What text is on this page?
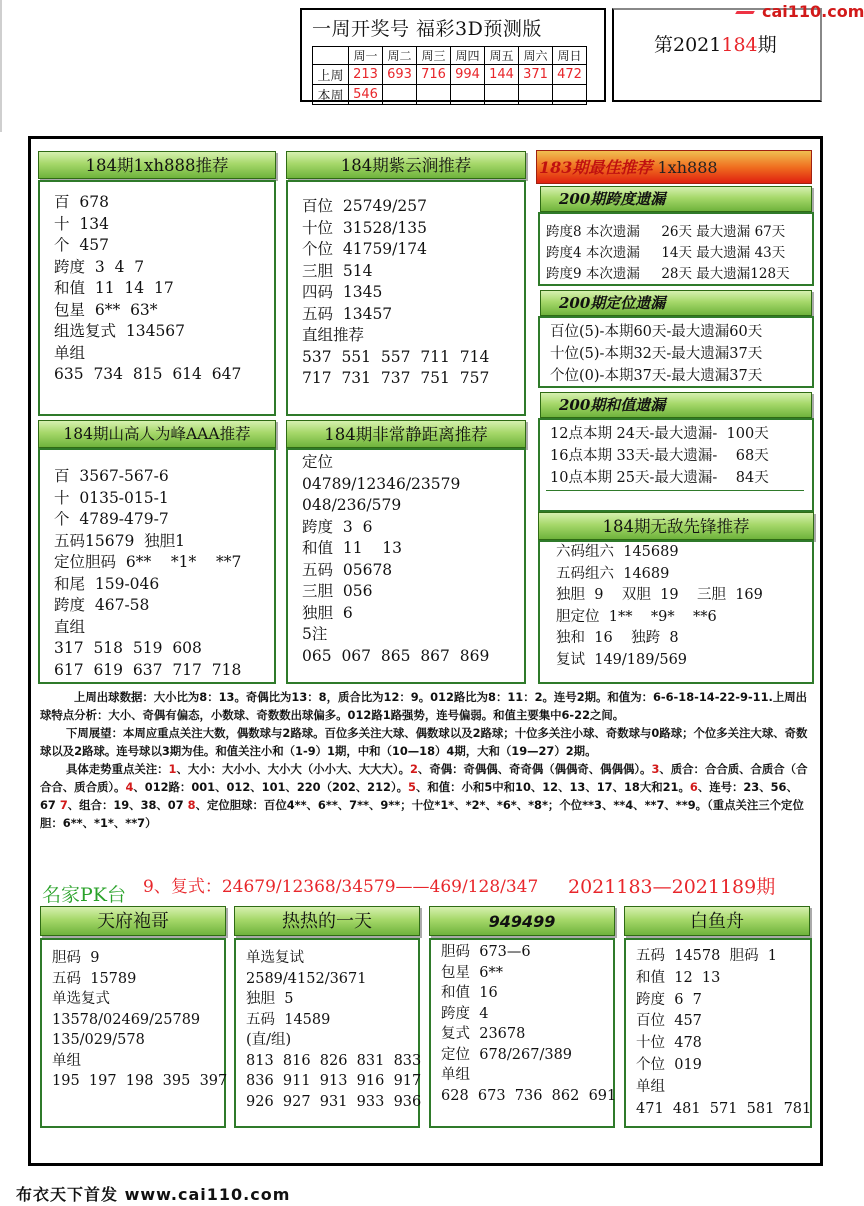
一周开奖号 福彩3D预测版
	周一	周二	周三	周四	周五	周六	周日
上周	213	693	716	994	144	371	472
本周	546						
第2021184期
cai110.com
184期1xh888推荐
百  678
十  134
个  457
跨度  3  4  7
和值  11  14  17
包星  6**  63*
组选复式  134567
单组
635  734  815  614  647
184期紫云涧推荐
百位  25749/257
十位  31528/135
个位  41759/174
三胆  514
四码  1345
五码  13457
直组推荐
537  551  557  711  714
717  731  737  751  757
184期山高人为峰AAA推荐
百  3567-567-6
十  0135-015-1
个  4789-479-7
五码15679  独胆1
定位胆码  6**    *1*    **7
和尾  159-046
跨度  467-58
直组
317  518  519  608
617  619  637  717  718
184期非常静距离推荐
定位
04789/12346/23579
048/236/579
跨度  3  6
和值  11    13
五码  05678
三胆  056
独胆  6
5注
065  067  865  867  869
183期最佳推荐 1xh888
200期跨度遗漏
跨度8 本次遗漏     26天 最大遗漏 67天
跨度4 本次遗漏     14天 最大遗漏 43天
跨度9 本次遗漏     28天 最大遗漏128天
200期定位遗漏
百位(5)-本期60天-最大遗漏60天
十位(5)-本期32天-最大遗漏37天
个位(0)-本期37天-最大遗漏37天
200期和值遗漏
12点本期 24天-最大遗漏-  100天
16点本期 33天-最大遗漏-    68天
10点本期 25天-最大遗漏-    84天
184期无敌先锋推荐
六码组六  145689
五码组六  14689
独胆  9    双胆  19    三胆  169
胆定位  1**    *9*    **6
独和  16    独跨  8
复试  149/189/569

上周出球数据：大小比为8：13。奇偶比为13：8，质合比为12：9。012路比为8：11：2。连号2期。和值为：6-6-18-14-22-9-11.上周出球特点分析：大小、奇偶有偏态，小数球、奇数数出球偏多。012路1路强势，连号偏弱。和值主要集中6-22之间。

下周展望：本周应重点关注大数，偶数球与2路球。百位多关注大球、偶数球以及2路球；十位多关注小球、奇数球与0路球；个位多关注大球、奇数球以及2路球。连号球以3期为佳。和值关注小和（1-9）1期，中和（10—18）4期，大和（19—27）2期。

具体走势重点关注：1、大小：大小小、大小大（小小大、大大大）。2、奇偶：奇偶偶、奇奇偶（偶偶奇、偶偶偶）。3、质合：合合质、合质合（合合合、质合质）。4、012路：001、012、101、220（202、212）。5、和值：小和5中和10、12、13、17、18大和21。6、连号：23、56、67 7、组合：19、38、07 8、定位胆球：百位4**、6**、7**、9**；十位*1*、*2*、*6*、*8*；个位**3、**4、**7、**9。（重点关注三个定位胆：6**、*1*、**7）

名家PK台 9、复式：24679/12368/34579——469/128/347 2021183—2021189期
天府袍哥
胆码  9
五码  15789
单选复式
13578/02469/25789
135/029/578
单组
195  197  198  395  397
热热的一天
单选复试
2589/4152/3671
独胆  5
五码  14589
(直/组)
813  816  826  831  833
836  911  913  916  917
926  927  931  933  936
949499
胆码  673—6
包星  6**
和值  16
跨度  4
复式  23678
定位  678/267/389
单组
628  673  736  862  691
白鱼舟
五码  14578  胆码  1
和值  12  13
跨度  6  7
百位  457
十位  478
个位  019
单组
471  481  571  581  781
布衣天下首发 www.cai110.com
